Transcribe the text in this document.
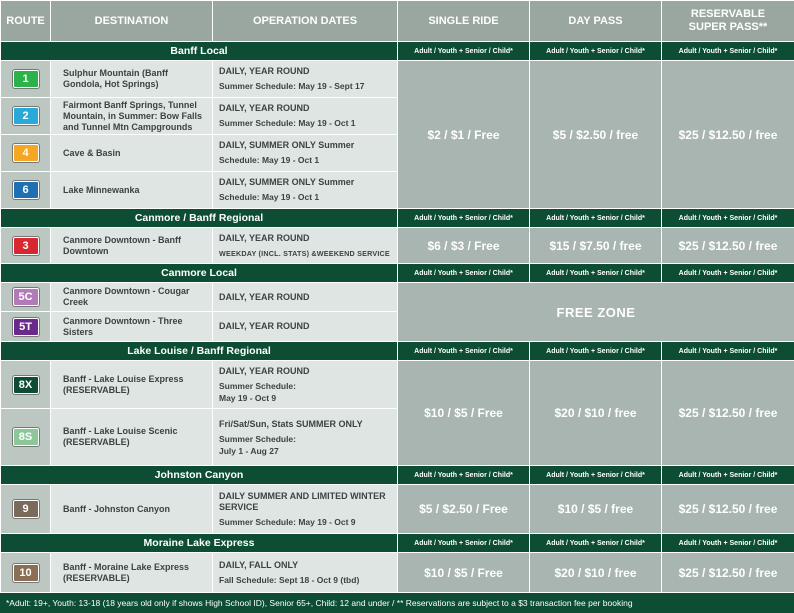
ROUTE	DESTINATION	OPERATION DATES	SINGLE RIDE	DAY PASS	RESERVABLE
SUPER PASS**
Banff Local			Adult / Youth + Senior / Child*	Adult / Youth + Senior / Child*	Adult / Youth + Senior / Child*
1	Sulphur Mountain (Banff Gondola, Hot Springs)	DAILY, YEAR ROUND
Summer Schedule: May 19 - Sept 17	$2 / $1 / Free	$5 / $2.50 / free	$25 / $12.50 / free
2	Fairmont Banff Springs, Tunnel Mountain, in Summer: Bow Falls and Tunnel Mtn Campgrounds	DAILY, YEAR ROUND
Summer Schedule: May 19 - Oct 1			

4	Cave & Basin	DAILY, SUMMER ONLY Summer
Schedule: May 19 - Oct 1			

6	Lake Minnewanka	DAILY, SUMMER ONLY Summer
Schedule: May 19 - Oct 1			

Canmore / Banff Regional			Adult / Youth + Senior / Child*	Adult / Youth + Senior / Child*	Adult / Youth + Senior / Child*
3	Canmore Downtown - Banff Downtown	DAILY, YEAR ROUND
WEEKDAY (INCL. STATS) &WEEKEND SERVICE	$6 / $3 / Free	$15 / $7.50 / free	$25 / $12.50 / free
Canmore Local			Adult / Youth + Senior / Child*	Adult / Youth + Senior / Child*	Adult / Youth + Senior / Child*
5C	Canmore Downtown - Cougar Creek	DAILY, YEAR ROUND	FREE ZONE		
5T	Canmore Downtown - Three Sisters	DAILY, YEAR ROUND			

Lake Louise / Banff Regional			Adult / Youth + Senior / Child*	Adult / Youth + Senior / Child*	Adult / Youth + Senior / Child*
8X	Banff - Lake Louise Express (RESERVABLE)	DAILY, YEAR ROUND
Summer Schedule:
May 19 - Oct 9	$10 / $5 / Free	$20 / $10 / free	$25 / $12.50 / free
8S	Banff - Lake Louise Scenic (RESERVABLE)	Fri/Sat/Sun, Stats SUMMER ONLY
Summer Schedule:
July 1 - Aug 27			

Johnston Canyon			Adult / Youth + Senior / Child*	Adult / Youth + Senior / Child*	Adult / Youth + Senior / Child*
9	Banff - Johnston Canyon	DAILY SUMMER AND LIMITED WINTER SERVICE
Summer Schedule: May 19 - Oct 9	$5 / $2.50 / Free	$10 / $5 / free	$25 / $12.50 / free
Moraine Lake Express			Adult / Youth + Senior / Child*	Adult / Youth + Senior / Child*	Adult / Youth + Senior / Child*
10	Banff - Moraine Lake Express (RESERVABLE)	DAILY, FALL ONLY
Fall Schedule: Sept 18 - Oct 9 (tbd)	$10 / $5 / Free	$20 / $10 / free	$25 / $12.50 / free
*Adult: 19+, Youth: 13-18 (18 years old only if shows High School ID), Senior 65+, Child: 12 and under / ** Reservations are subject to a $3 transaction fee per booking
